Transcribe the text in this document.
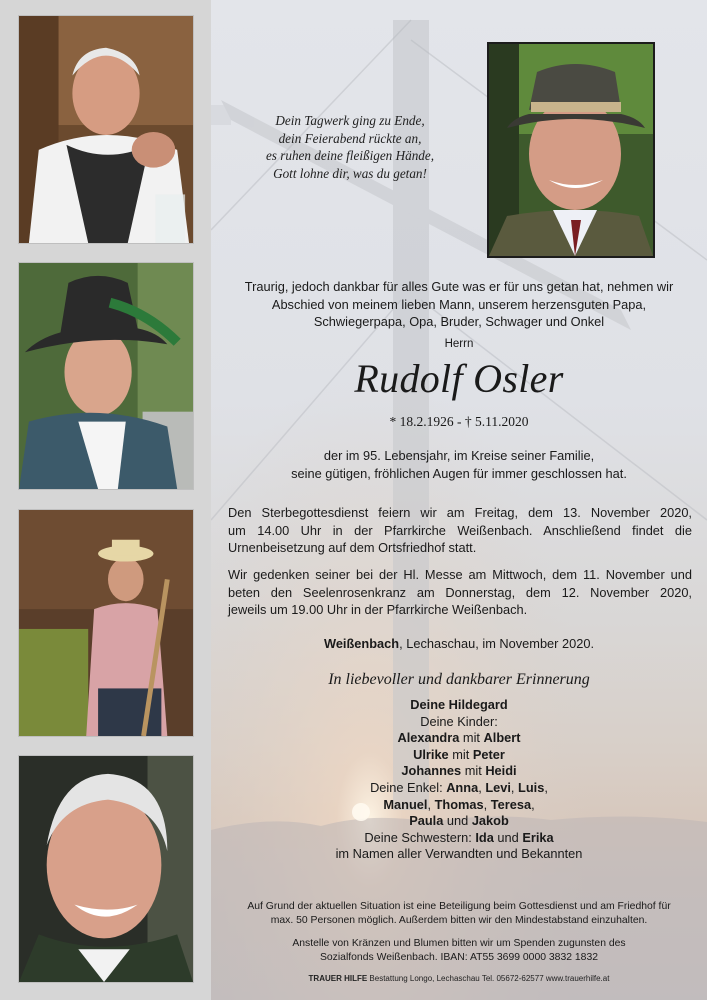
Dein Tagwerk ging zu Ende,
dein Feierabend rückte an,
es ruhen deine fleißigen Hände,
Gott lohne dir, was du getan!
Traurig, jedoch dankbar für alles Gute was er für uns getan hat, nehmen wir
Abschied von meinem lieben Mann, unserem herzensguten Papa,
Schwiegerpapa, Opa, Bruder, Schwager und Onkel
Herrn
Rudolf Osler
* 18.2.1926 - † 5.11.2020
der im 95. Lebensjahr, im Kreise seiner Familie,
seine gütigen, fröhlichen Augen für immer geschlossen hat.
Den Sterbegottesdienst feiern wir am Freitag, dem 13. November 2020,
um 14.00 Uhr in der Pfarrkirche Weißenbach. Anschließend findet die
Urnenbeisetzung auf dem Ortsfriedhof statt.
Wir gedenken seiner bei der Hl. Messe am Mittwoch, dem 11. November und
beten den Seelenrosenkranz am Donnerstag, dem 12. November 2020,
jeweils um 19.00 Uhr in der Pfarrkirche Weißenbach.
Weißenbach, Lechaschau, im November 2020.
In liebevoller und dankbarer Erinnerung
Deine Hildegard
Deine Kinder:
Alexandra mit Albert
Ulrike mit Peter
Johannes mit Heidi
Deine Enkel: Anna, Levi, Luis,
Manuel, Thomas, Teresa,
Paula und Jakob
Deine Schwestern: Ida und Erika
im Namen aller Verwandten und Bekannten
Auf Grund der aktuellen Situation ist eine Beteiligung beim Gottesdienst und am Friedhof für
max. 50 Personen möglich. Außerdem bitten wir den Mindestabstand einzuhalten.
Anstelle von Kränzen und Blumen bitten wir um Spenden zugunsten des
Sozialfonds Weißenbach. IBAN: AT55 3699 0000 3832 1832
TRAUER HILFE Bestattung Longo, Lechaschau Tel. 05672-62577 www.trauerhilfe.at
